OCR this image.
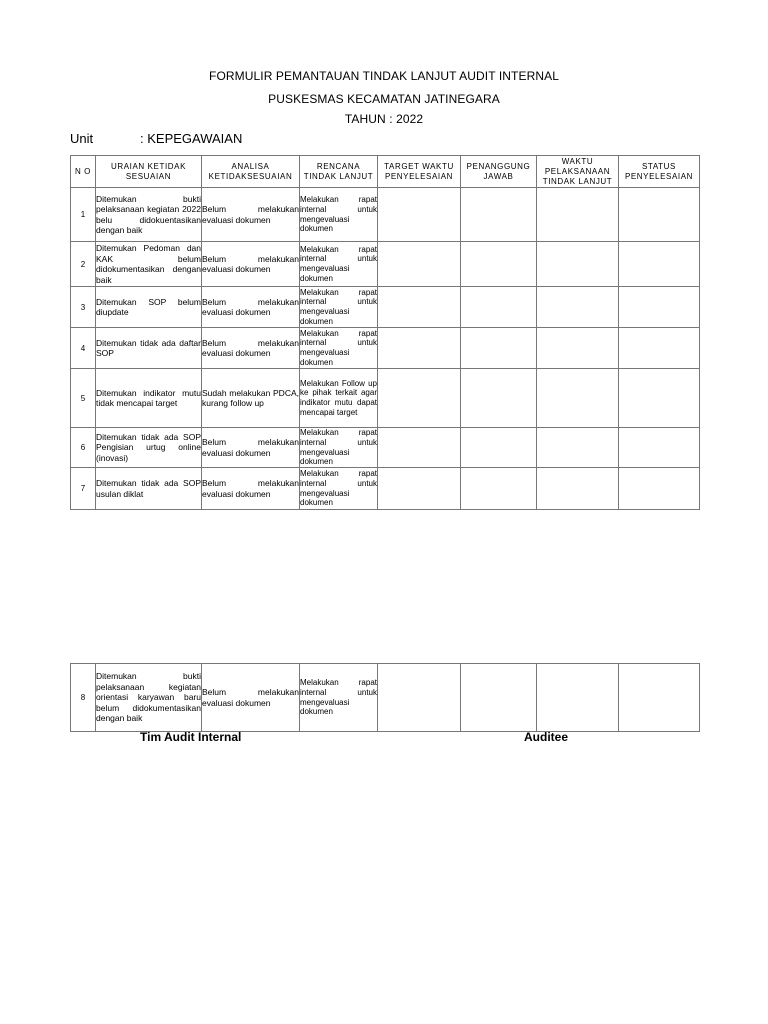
FORMULIR PEMANTAUAN TINDAK LANJUT AUDIT INTERNAL
PUSKESMAS KECAMATAN JATINEGARA
TAHUN : 2022
Unit	: KEPEGAWAIAN
N O	URAIAN KETIDAK SESUAIAN	ANALISA KETIDAKSESUAIAN	RENCANA TINDAK LANJUT	TARGET WAKTU PENYELESAIAN	PENANGGUNG JAWAB	WAKTU PELAKSANAAN TINDAK LANJUT	STATUS PENYELESAIAN
1	Ditemukan bukti pelaksanaan kegiatan 2022 belu didokuentasikan dengan baik	Belum melakukan evaluasi dokumen	Melakukan rapat internal untuk mengevaluasi dokumen				
2	Ditemukan Pedoman dan KAK belum didokumentasikan dengan baik	Belum melakukan evaluasi dokumen	Melakukan rapat internal untuk mengevaluasi dokumen				
3	Ditemukan SOP belum diupdate	Belum melakukan evaluasi dokumen	Melakukan rapat internal untuk mengevaluasi dokumen				
4	Ditemukan tidak ada daftar SOP	Belum melakukan evaluasi dokumen	Melakukan rapat internal untuk mengevaluasi dokumen				
5	Ditemukan indikator mutu tidak mencapai target	Sudah melakukan PDCA, kurang follow up	Melakukan Follow up ke pihak terkait agar indikator mutu dapat mencapai target				
6	Ditemukan tidak ada SOP Pengisian urtug online (inovasi)	Belum melakukan evaluasi dokumen	Melakukan rapat internal untuk mengevaluasi dokumen				
7	Ditemukan tidak ada SOP usulan diklat	Belum melakukan evaluasi dokumen	Melakukan rapat internal untuk mengevaluasi dokumen				
8	Ditemukan bukti pelaksanaan kegiatan orientasi karyawan baru belum didokumentasikan dengan baik	Belum melakukan evaluasi dokumen	Melakukan rapat internal untuk mengevaluasi dokumen				
Tim Audit Internal	Auditee
